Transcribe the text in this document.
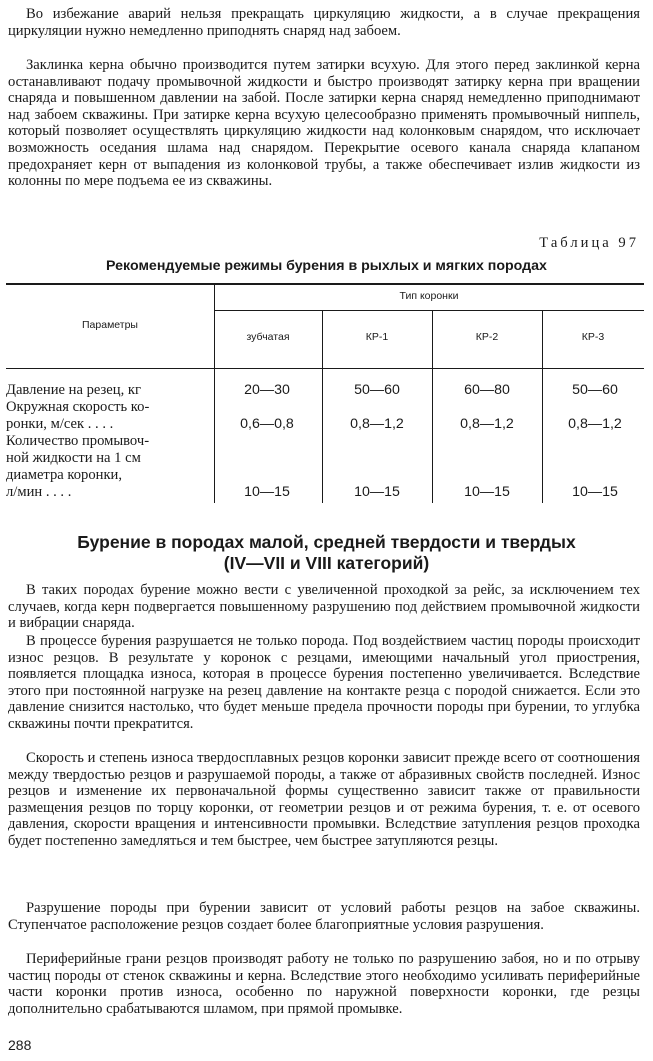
Во избежание аварий нельзя прекращать циркуляцию жидкости, а в случае прекращения циркуляции нужно немедленно приподнять снаряд над забоем.

Заклинка керна обычно производится путем затирки всухую. Для этого перед заклинкой керна останавливают подачу промывочной жидкости и быстро производят затирку керна при вращении снаряда и повышенном давлении на забой. После затирки керна снаряд немедленно приподнимают над забоем скважины. При затирке керна всухую целесообразно применять промывочный ниппель, который позволяет осуществлять циркуляцию жидкости над колонковым снарядом, что исключает возможность оседания шлама над снарядом. Перекрытие осевого канала снаряда клапаном предохраняет керн от выпадения из колонковой трубы, а также обеспечивает излив жидкости из колонны по мере подъема ее из скважины.

Таблица 97
Рекомендуемые режимы бурения в рыхлых и мягких породах
Параметры
Тип коронки
зубчатая	КР-1	КР-2	КР-3
Давление на резец, кг	20—30	50—60	60—80	50—60
Окружная скорость ко-
ронки, м/сек . . . .	0,6—0,8	0,8—1,2	0,8—1,2	0,8—1,2
Количество промывоч-
ной жидкости на 1 см
диаметра коронки,
л/мин . . . .	10—15	10—15	10—15	10—15
Бурение в породах малой, средней твердости и твердых
(IV—VII и VIII категорий)

В таких породах бурение можно вести с увеличенной проходкой за рейс, за исключением тех случаев, когда керн подвергается повышенному разрушению под действием промывочной жидкости и вибрации снаряда.

В процессе бурения разрушается не только порода. Под воздействием частиц породы происходит износ резцов. В результате у коронок с резцами, имеющими начальный угол приострения, появляется площадка износа, которая в процессе бурения постепенно увеличивается. Вследствие этого при постоянной нагрузке на резец давление на контакте резца с породой снижается. Если это давление снизится настолько, что будет меньше предела прочности породы при бурении, то углубка скважины почти прекратится.

Скорость и степень износа твердосплавных резцов коронки зависит прежде всего от соотношения между твердостью резцов и разрушаемой породы, а также от абразивных свойств последней. Износ резцов и изменение их первоначальной формы существенно зависит также от правильности размещения резцов по торцу коронки, от геометрии резцов и от режима бурения, т. е. от осевого давления, скорости вращения и интенсивности промывки. Вследствие затупления резцов проходка будет постепенно замедляться и тем быстрее, чем быстрее затупляются резцы.

Разрушение породы при бурении зависит от условий работы резцов на забое скважины. Ступенчатое расположение резцов создает более благоприятные условия разрушения.

Периферийные грани резцов производят работу не только по разрушению забоя, но и по отрыву частиц породы от стенок скважины и керна. Вследствие этого необходимо усиливать периферийные части коронки против износа, особенно по наружной поверхности коронки, где резцы дополнительно срабатываются шламом, при прямой промывке.

288
